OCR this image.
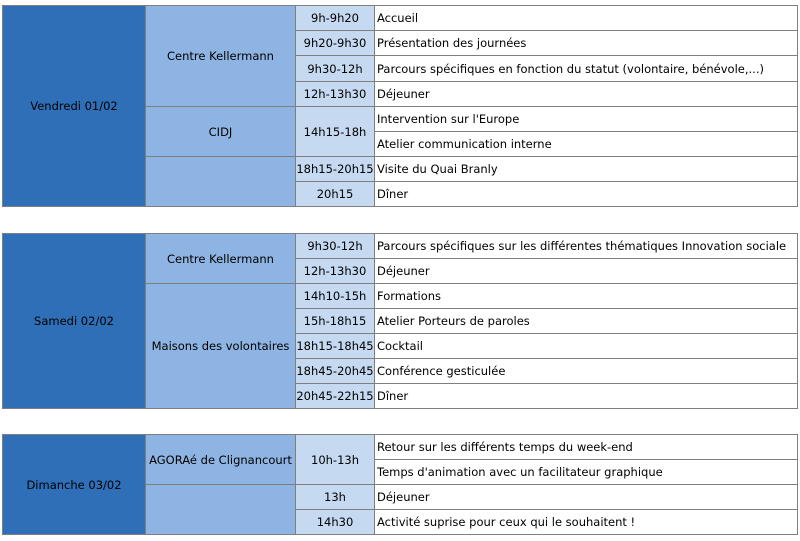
Vendredi 01/02	Centre Kellermann	9h-9h20	Accueil
		9h20-9h30	Présentation des journées
		9h30-12h	Parcours spécifiques en fonction du statut (volontaire, bénévole,...)
		12h-13h30	Déjeuner
	CIDJ	14h15-18h	Intervention sur l'Europe
			Atelier communication interne
		18h15-20h15	Visite du Quai Branly
		20h15	Dîner
Samedi 02/02	Centre Kellermann	9h30-12h	Parcours spécifiques sur les différentes thématiques Innovation sociale
		12h-13h30	Déjeuner
	Maisons des volontaires	14h10-15h	Formations
		15h-18h15	Atelier Porteurs de paroles
		18h15-18h45	Cocktail
		18h45-20h45	Conférence gesticulée
		20h45-22h15	Dîner
Dimanche 03/02	AGORAé de Clignancourt	10h-13h	Retour sur les différents temps du week-end
			Temps d'animation avec un facilitateur graphique
		13h	Déjeuner
		14h30	Activité suprise pour ceux qui le souhaitent !
